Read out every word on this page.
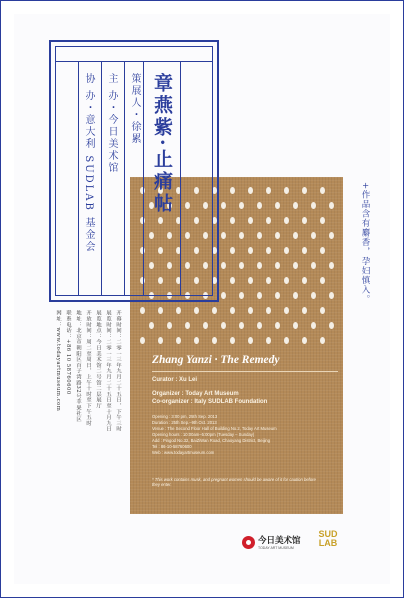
Zhang Yanzi · The Remedy
Curator : Xu Lei
Organizer : Today Art Museum
Co-organizer : Italy SUDLAB Foundation
Opening : 3:00 pm, 25th Sep. 2013
Duration : 25th Sep.–9th Oct. 2013
Venue : The Second Floor Hall of Building No.2, Today Art Museum
Opening hours : 10:00am–5:00pm (Tuesday – Sunday)
Add : Pingod No.32, BaiZiWan Road, Chaoyang District, Beijing
Tel : 86-10-58760600
Web : www.todayartmuseum.com
* This work contains musk, and pregnant women should be aware of it for caution before they enter.
章燕紫·止痛帖
策展人・徐累
主 办・今日美术馆
协 办・意大利 SUDLAB 基金会	+作品含有麝香，孕妇慎入。
开幕时间：二零一三年九月二十五日，下午三时
展览时间：二零一三年九月二十五日至十月九日
展览地点：今日美术馆二号馆二层展厅
开放时间：周二至周日，上午十时至下午五时
地址：北京市朝阳区百子湾路32号苹果社区
联系电话：+86 10 58760600
网址：www.todayartmuseum.com
今日美术馆
TODAY ART MUSEUM
SUD LAB
